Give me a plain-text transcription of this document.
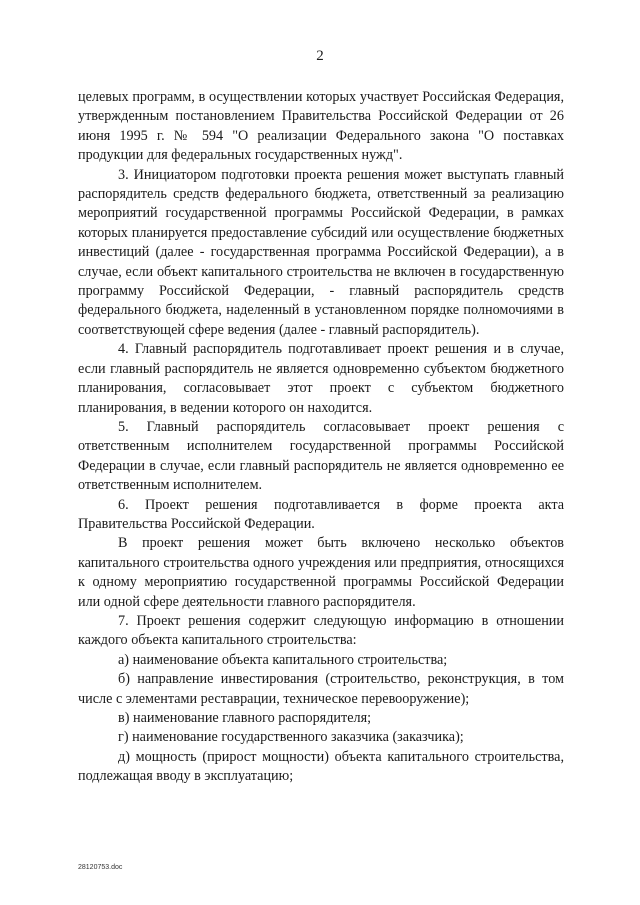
2

целевых программ, в осуществлении которых участвует Российская Федерация, утвержденным постановлением Правительства Российской Федерации от 26 июня 1995 г. № 594 "О реализации Федерального закона "О поставках продукции для федеральных государственных нужд".

3. Инициатором подготовки проекта решения может выступать главный распорядитель средств федерального бюджета, ответственный за реализацию мероприятий государственной программы Российской Федерации, в рамках которых планируется предоставление субсидий или осуществление бюджетных инвестиций (далее - государственная программа Российской Федерации), а в случае, если объект капитального строительства не включен в государственную программу Российской Федерации, - главный распорядитель средств федерального бюджета, наделенный в установленном порядке полномочиями в соответствующей сфере ведения (далее - главный распорядитель).

4. Главный распорядитель подготавливает проект решения и в случае, если главный распорядитель не является одновременно субъектом бюджетного планирования, согласовывает этот проект с субъектом бюджетного планирования, в ведении которого он находится.

5. Главный распорядитель согласовывает проект решения с ответственным исполнителем государственной программы Российской Федерации в случае, если главный распорядитель не является одновременно ее ответственным исполнителем.

6. Проект решения подготавливается в форме проекта акта Правительства Российской Федерации.

В проект решения может быть включено несколько объектов капитального строительства одного учреждения или предприятия, относящихся к одному мероприятию государственной программы Российской Федерации или одной сфере деятельности главного распорядителя.

7. Проект решения содержит следующую информацию в отношении каждого объекта капитального строительства:

а) наименование объекта капитального строительства;

б) направление инвестирования (строительство, реконструкция, в том числе с элементами реставрации, техническое перевооружение);

в) наименование главного распорядителя;

г) наименование государственного заказчика (заказчика);

д) мощность (прирост мощности) объекта капитального строительства, подлежащая вводу в эксплуатацию;

28120753.doc
